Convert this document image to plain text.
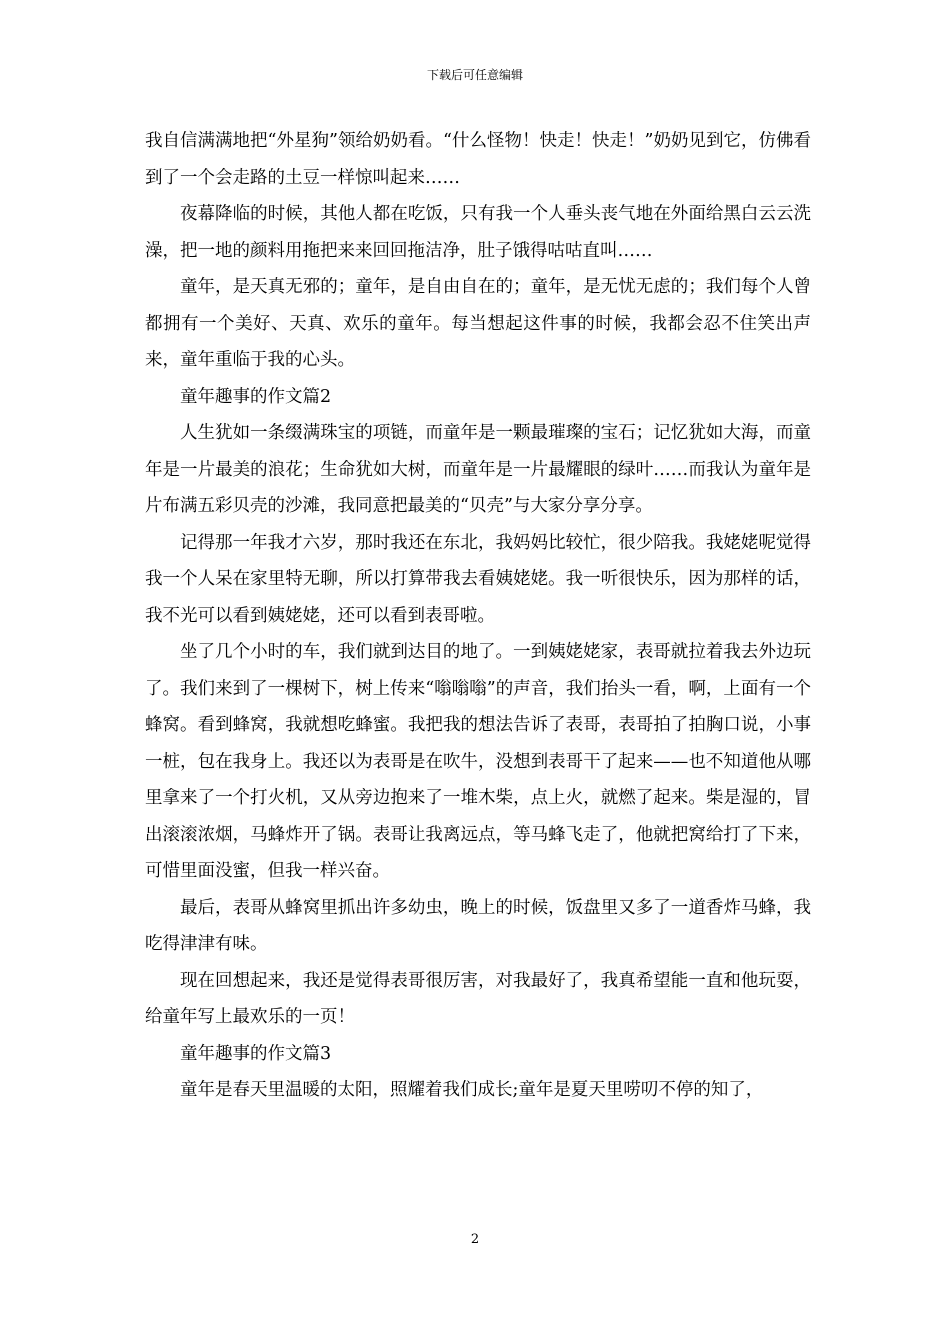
下载后可任意编辑

我自信满满地把“外星狗”领给奶奶看。“什么怪物！快走！快走！”奶奶见到它，仿佛看到了一个会走路的土豆一样惊叫起来……

夜幕降临的时候，其他人都在吃饭，只有我一个人垂头丧气地在外面给黑白云云洗澡，把一地的颜料用拖把来来回回拖洁净，肚子饿得咕咕直叫……

童年，是天真无邪的；童年，是自由自在的；童年，是无忧无虑的；我们每个人曾都拥有一个美好、天真、欢乐的童年。每当想起这件事的时候，我都会忍不住笑出声来，童年重临于我的心头。

童年趣事的作文篇2

人生犹如一条缀满珠宝的项链，而童年是一颗最璀璨的宝石；记忆犹如大海，而童年是一片最美的浪花；生命犹如大树，而童年是一片最耀眼的绿叶……而我认为童年是片布满五彩贝壳的沙滩，我同意把最美的“贝壳”与大家分享分享。

记得那一年我才六岁，那时我还在东北，我妈妈比较忙，很少陪我。我姥姥呢觉得我一个人呆在家里特无聊，所以打算带我去看姨姥姥。我一听很快乐，因为那样的话，我不光可以看到姨姥姥，还可以看到表哥啦。

坐了几个小时的车，我们就到达目的地了。一到姨姥姥家，表哥就拉着我去外边玩了。我们来到了一棵树下，树上传来“嗡嗡嗡”的声音，我们抬头一看，啊，上面有一个蜂窝。看到蜂窝，我就想吃蜂蜜。我把我的想法告诉了表哥，表哥拍了拍胸口说，小事一桩，包在我身上。我还以为表哥是在吹牛，没想到表哥干了起来——也不知道他从哪里拿来了一个打火机，又从旁边抱来了一堆木柴，点上火，就燃了起来。柴是湿的，冒出滚滚浓烟，马蜂炸开了锅。表哥让我离远点，等马蜂飞走了，他就把窝给打了下来，可惜里面没蜜，但我一样兴奋。

最后，表哥从蜂窝里抓出许多幼虫，晚上的时候，饭盘里又多了一道香炸马蜂，我吃得津津有味。

现在回想起来，我还是觉得表哥很厉害，对我最好了，我真希望能一直和他玩耍，给童年写上最欢乐的一页！

童年趣事的作文篇3

童年是春天里温暖的太阳，照耀着我们成长;童年是夏天里唠叨不停的知了，

2
